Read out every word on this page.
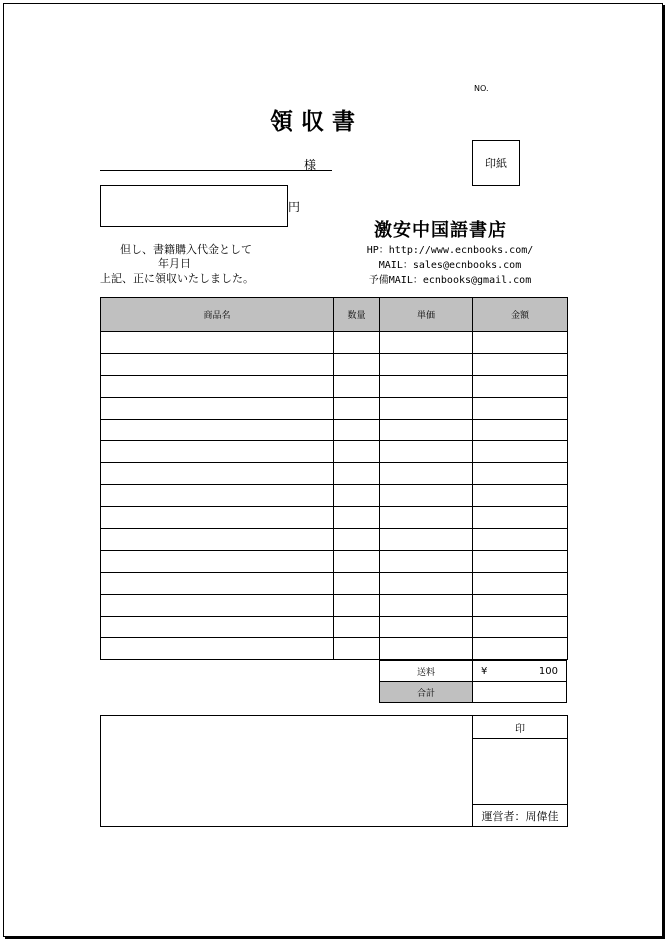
NO.
領 収 書
印紙
様
円
但し、書籍購入代金として
年月日
上記、正に領収いたしました。
激安中国語書店
HP：http://www.ecnbooks.com/
MAIL：sales@ecnbooks.com
予備MAIL：ecnbooks@gmail.com
商品名	数量	単価	金額

送料	¥ 100

合計	
印
運営者：周偉佳
